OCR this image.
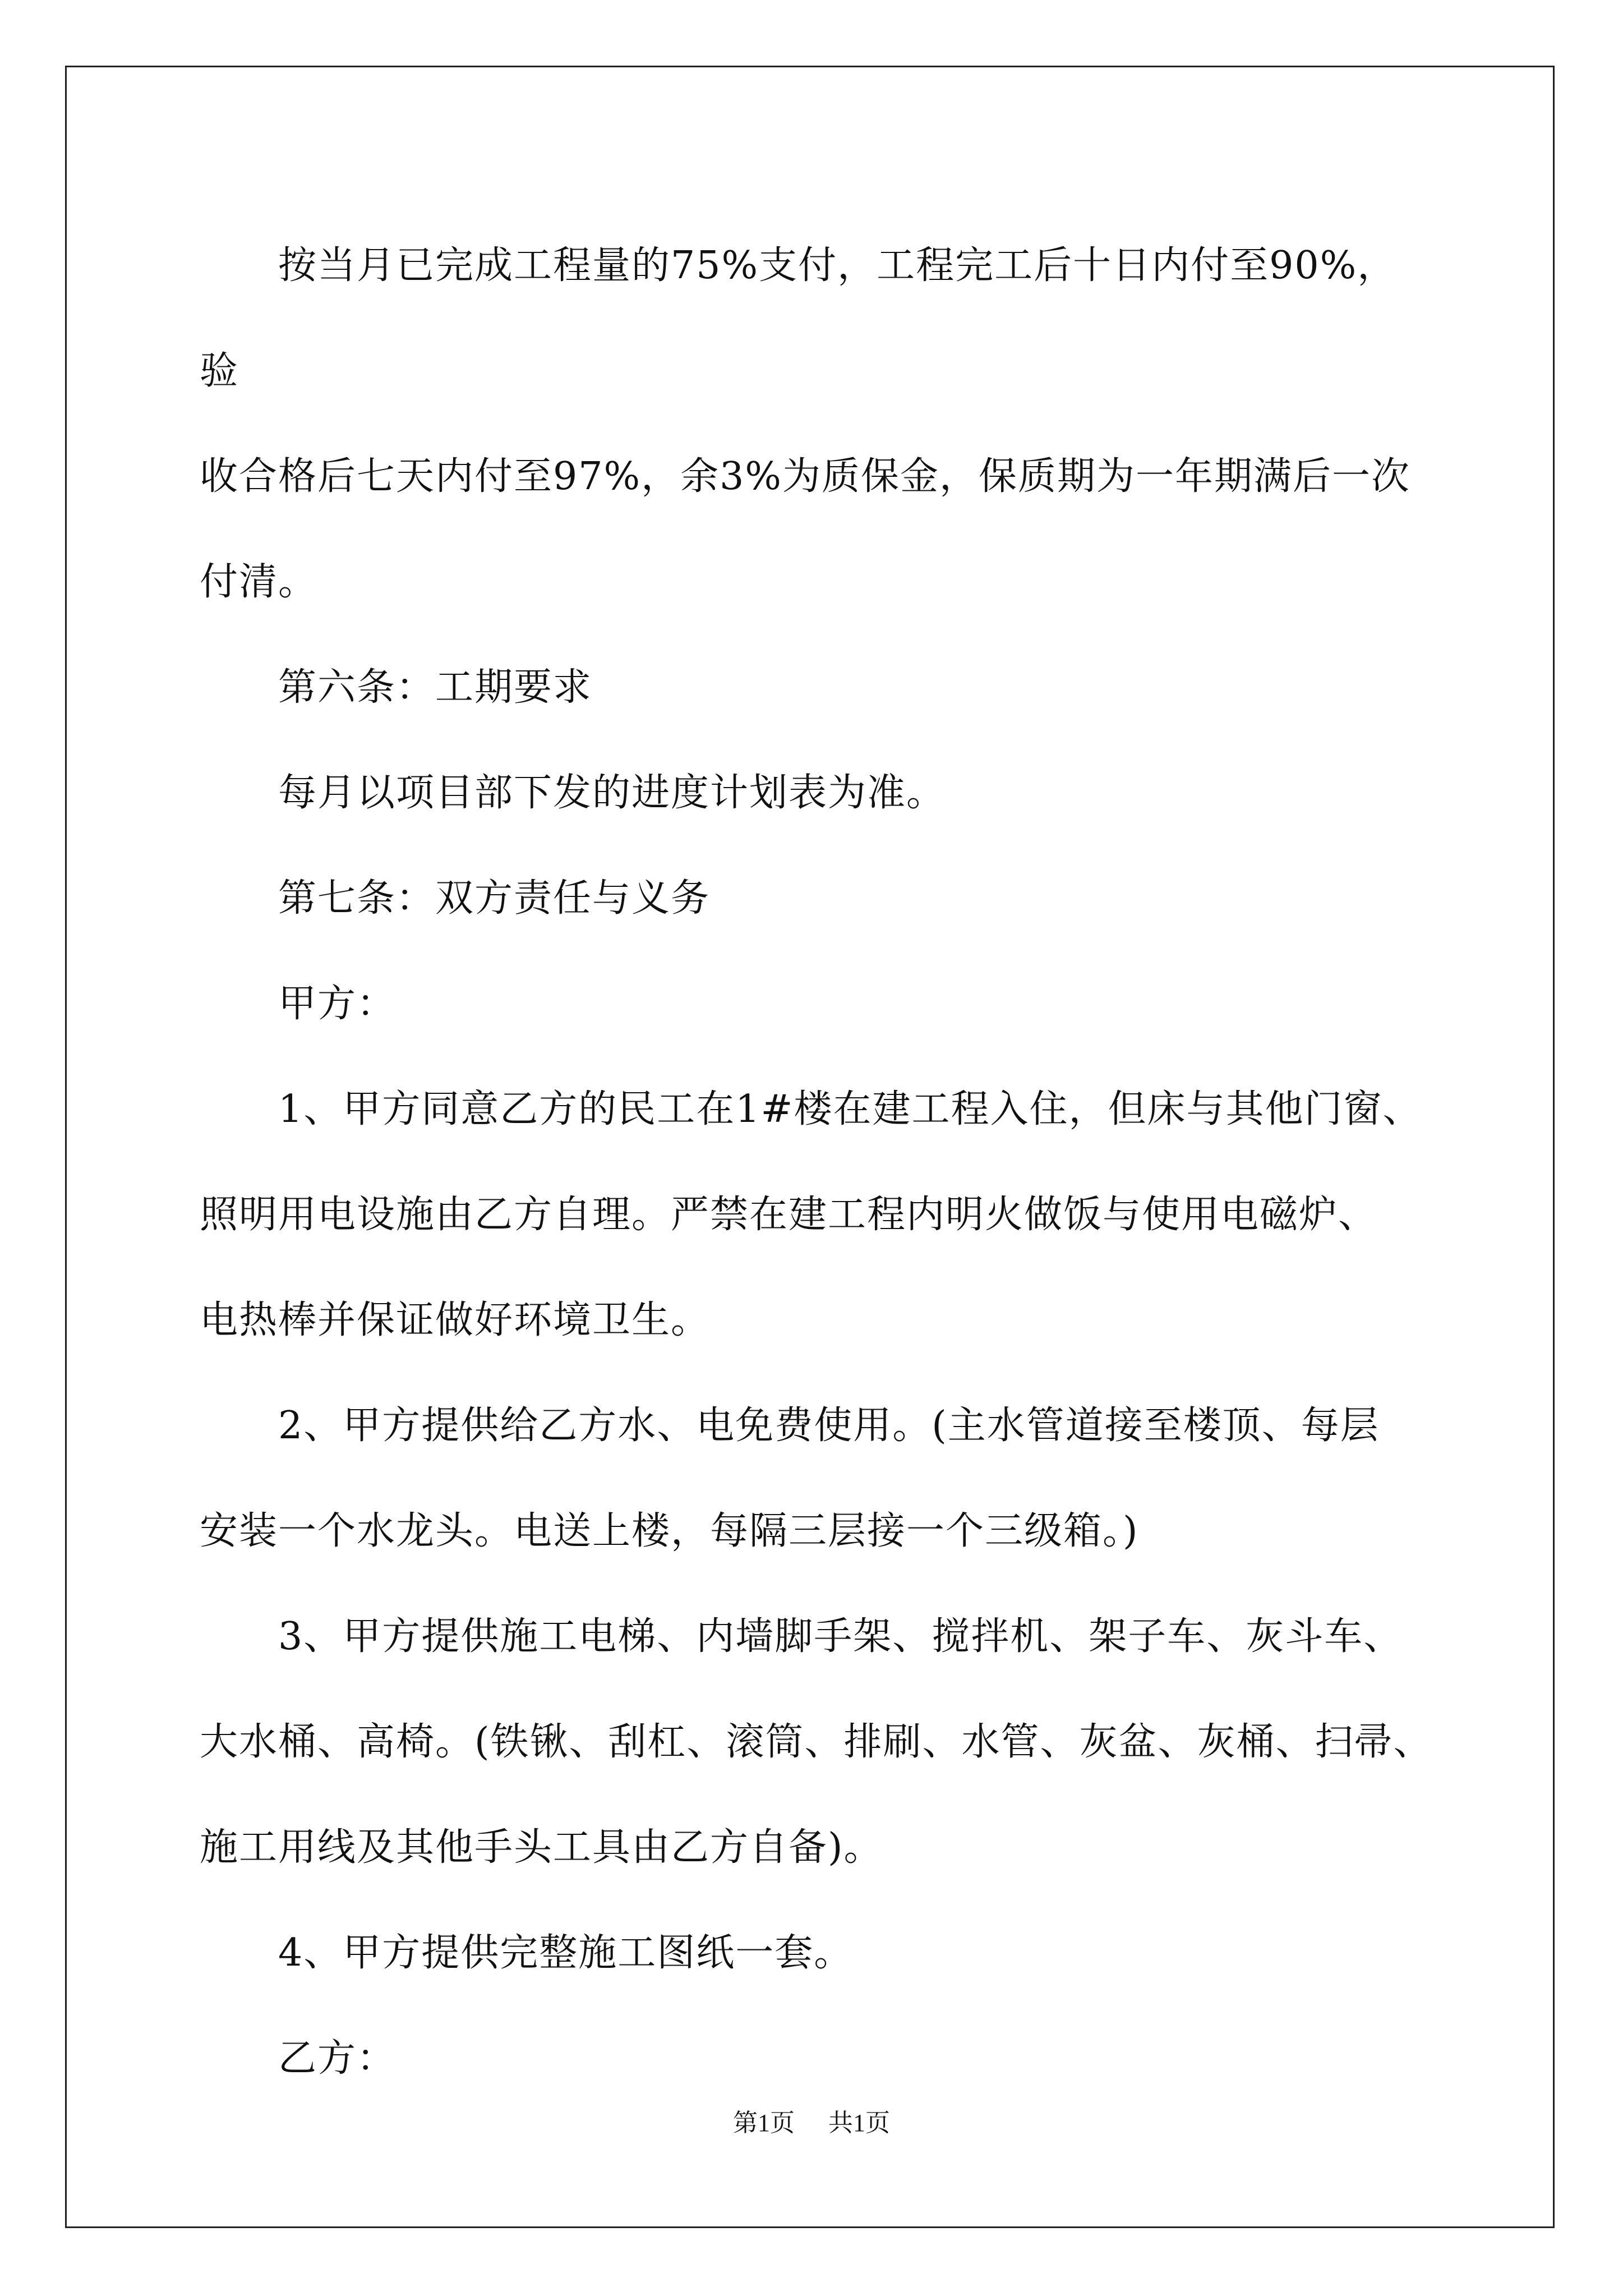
按当月已完成工程量的75%支付，工程完工后十日内付至90%，验

收合格后七天内付至97%，余3%为质保金，保质期为一年期满后一次

付清。

第六条：工期要求

每月以项目部下发的进度计划表为准。

第七条：双方责任与义务

甲方：

1、甲方同意乙方的民工在1#楼在建工程入住，但床与其他门窗、

照明用电设施由乙方自理。严禁在建工程内明火做饭与使用电磁炉、

电热棒并保证做好环境卫生。

2、甲方提供给乙方水、电免费使用。(主水管道接至楼顶、每层

安装一个水龙头。电送上楼，每隔三层接一个三级箱。)

3、甲方提供施工电梯、内墙脚手架、搅拌机、架子车、灰斗车、

大水桶、高椅。(铁锹、刮杠、滚筒、排刷、水管、灰盆、灰桶、扫帚、

施工用线及其他手头工具由乙方自备)。

4、甲方提供完整施工图纸一套。

乙方：

第1页 共1页
